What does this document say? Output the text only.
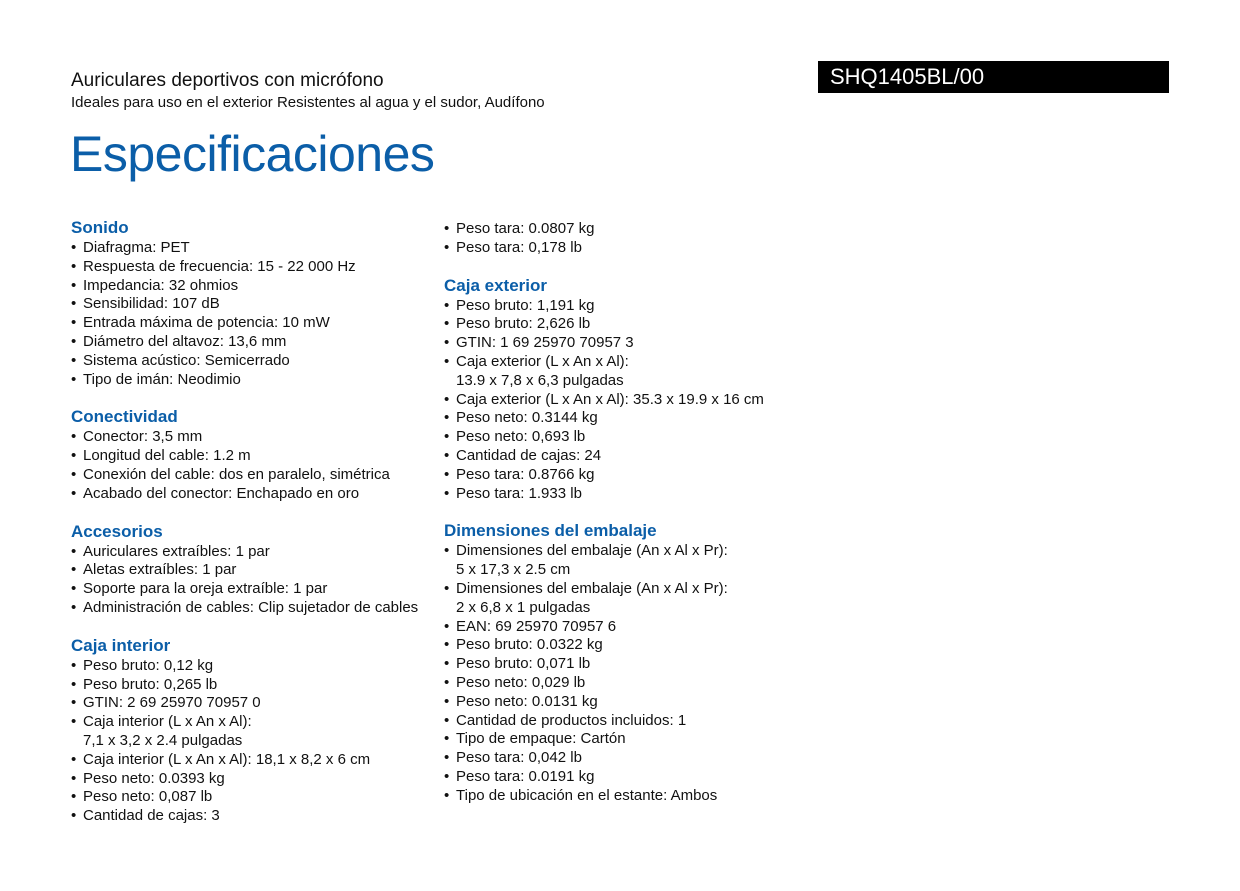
Auriculares deportivos con micrófono

Ideales para uso en el exterior Resistentes al agua y el sudor, Audífono

Especificaciones
SHQ1405BL/00
Sonido
• Diafragma: PET
• Respuesta de frecuencia: 15 - 22 000 Hz
• Impedancia: 32 ohmios
• Sensibilidad: 107 dB
• Entrada máxima de potencia: 10 mW
• Diámetro del altavoz: 13,6 mm
• Sistema acústico: Semicerrado
• Tipo de imán: Neodimio
Conectividad
• Conector: 3,5 mm
• Longitud del cable: 1.2 m
• Conexión del cable: dos en paralelo, simétrica
• Acabado del conector: Enchapado en oro
Accesorios
• Auriculares extraíbles: 1 par
• Aletas extraíbles: 1 par
• Soporte para la oreja extraíble: 1 par
• Administración de cables: Clip sujetador de cables
Caja interior
• Peso bruto: 0,12 kg
• Peso bruto: 0,265 lb
• GTIN: 2 69 25970 70957 0
• Caja interior (L x An x Al):
7,1 x 3,2 x 2.4 pulgadas
• Caja interior (L x An x Al): 18,1 x 8,2 x 6 cm
• Peso neto: 0.0393 kg
• Peso neto: 0,087 lb
• Cantidad de cajas: 3
• Peso tara: 0.0807 kg
• Peso tara: 0,178 lb
Caja exterior
• Peso bruto: 1,191 kg
• Peso bruto: 2,626 lb
• GTIN: 1 69 25970 70957 3
• Caja exterior (L x An x Al):
13.9 x 7,8 x 6,3 pulgadas
• Caja exterior (L x An x Al): 35.3 x 19.9 x 16 cm
• Peso neto: 0.3144 kg
• Peso neto: 0,693 lb
• Cantidad de cajas: 24
• Peso tara: 0.8766 kg
• Peso tara: 1.933 lb
Dimensiones del embalaje
• Dimensiones del embalaje (An x Al x Pr):
5 x 17,3 x 2.5 cm
• Dimensiones del embalaje (An x Al x Pr):
2 x 6,8 x 1 pulgadas
• EAN: 69 25970 70957 6
• Peso bruto: 0.0322 kg
• Peso bruto: 0,071 lb
• Peso neto: 0,029 lb
• Peso neto: 0.0131 kg
• Cantidad de productos incluidos: 1
• Tipo de empaque: Cartón
• Peso tara: 0,042 lb
• Peso tara: 0.0191 kg
• Tipo de ubicación en el estante: Ambos
